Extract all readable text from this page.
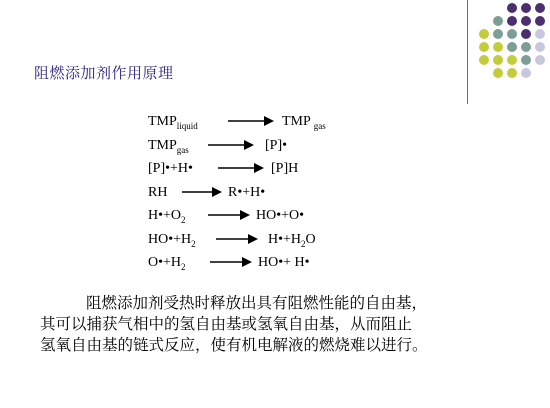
阻燃添加剂作用原理
$TMP_{liquid}$	TMP $_{gas}$
$TMP_{gas}$	[P]•
[P]•+H•	[P]H
RH	R•+H•
$H•+O_2$	HO•+O•
$HO•+H_2$	$H•+H_2O$
$O•+H_2$	HO•+ H•
阻燃添加剂受热时释放出具有阻燃性能的自由基，
其可以捕获气相中的氢自由基或氢氧自由基，从而阻止
氢氧自由基的链式反应，使有机电解液的燃烧难以进行。
